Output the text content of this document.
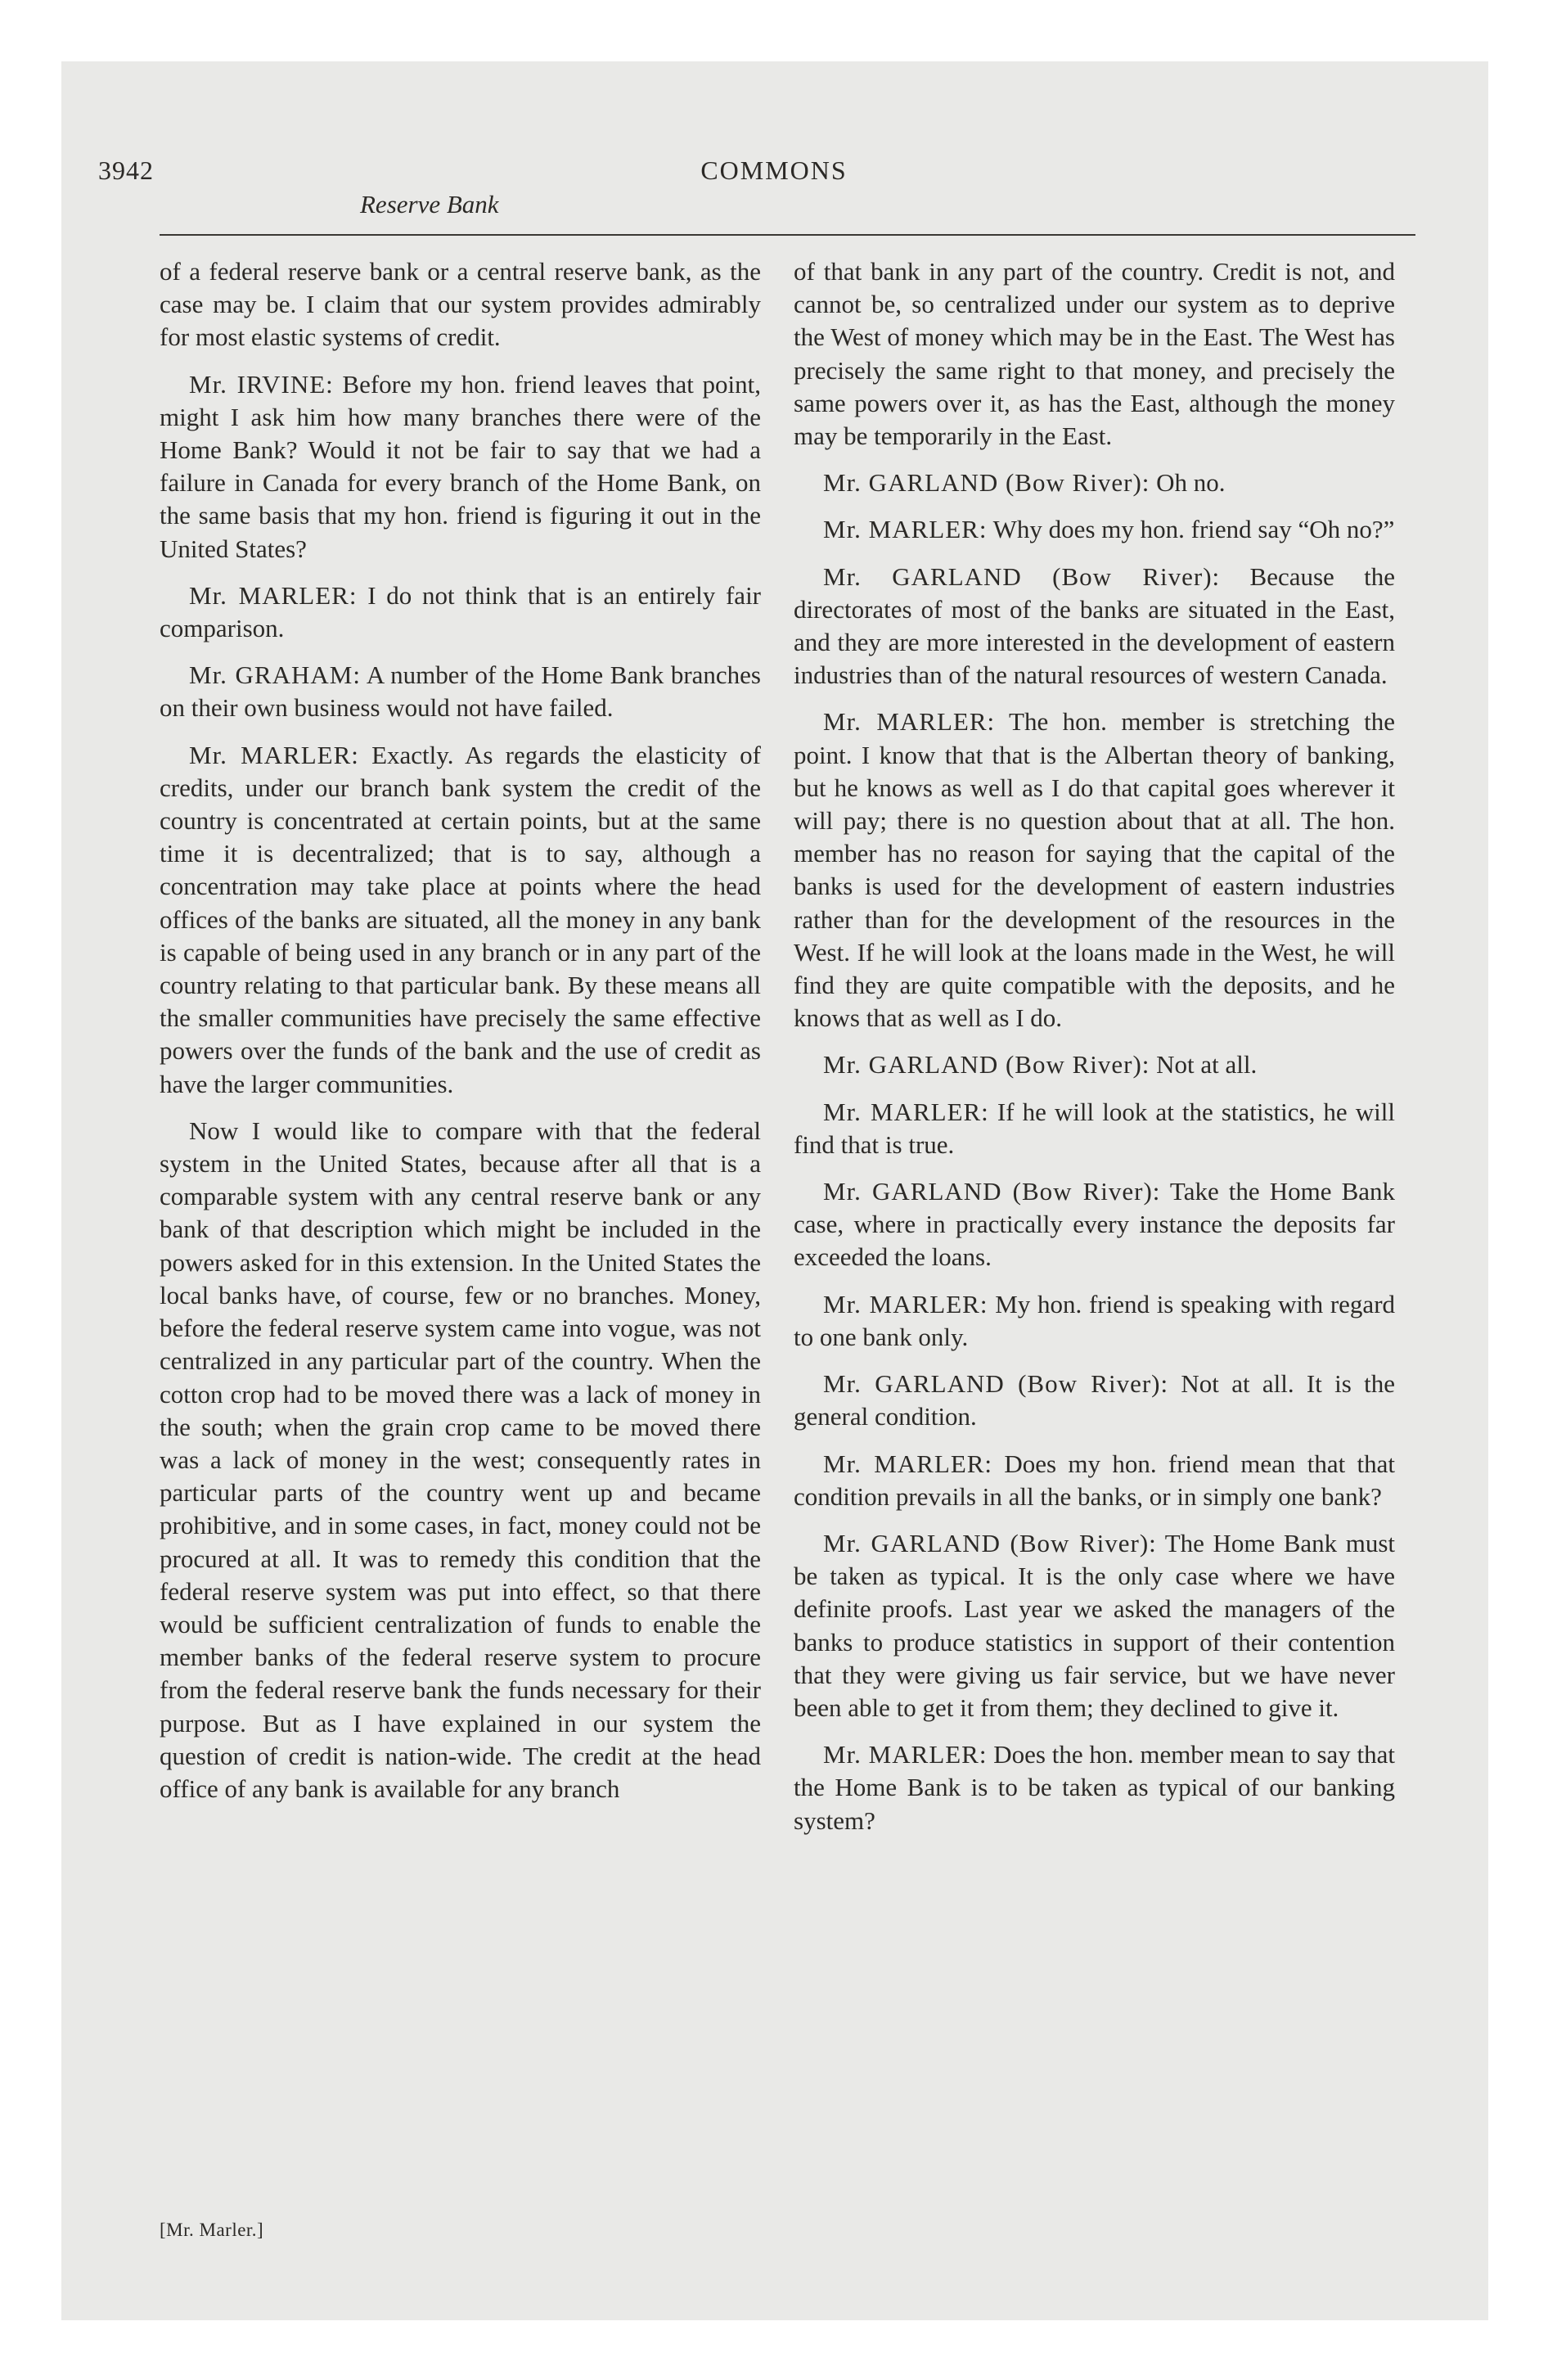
3942	COMMONS
Reserve Bank

of a federal reserve bank or a central reserve bank, as the case may be. I claim that our system provides admirably for most elastic systems of credit.

Mr. IRVINE: Before my hon. friend leaves that point, might I ask him how many branches there were of the Home Bank? Would it not be fair to say that we had a failure in Canada for every branch of the Home Bank, on the same basis that my hon. friend is figuring it out in the United States?

Mr. MARLER: I do not think that is an entirely fair comparison.

Mr. GRAHAM: A number of the Home Bank branches on their own business would not have failed.

Mr. MARLER: Exactly. As regards the elasticity of credits, under our branch bank system the credit of the country is concentrated at certain points, but at the same time it is decentralized; that is to say, although a concentration may take place at points where the head offices of the banks are situated, all the money in any bank is capable of being used in any branch or in any part of the country relating to that particular bank. By these means all the smaller communities have precisely the same effective powers over the funds of the bank and the use of credit as have the larger communities.

Now I would like to compare with that the federal system in the United States, because after all that is a comparable system with any central reserve bank or any bank of that description which might be included in the powers asked for in this extension. In the United States the local banks have, of course, few or no branches. Money, before the federal reserve system came into vogue, was not centralized in any particular part of the country. When the cotton crop had to be moved there was a lack of money in the south; when the grain crop came to be moved there was a lack of money in the west; consequently rates in particular parts of the country went up and became prohibitive, and in some cases, in fact, money could not be procured at all. It was to remedy this condition that the federal reserve system was put into effect, so that there would be sufficient centralization of funds to enable the member banks of the federal reserve system to procure from the federal reserve bank the funds necessary for their purpose. But as I have explained in our system the question of credit is nation-wide. The credit at the head office of any bank is available for any branch

of that bank in any part of the country. Credit is not, and cannot be, so centralized under our system as to deprive the West of money which may be in the East. The West has precisely the same right to that money, and precisely the same powers over it, as has the East, although the money may be temporarily in the East.

Mr. GARLAND (Bow River): Oh no.

Mr. MARLER: Why does my hon. friend say “Oh no?”

Mr. GARLAND (Bow River): Because the directorates of most of the banks are situated in the East, and they are more interested in the development of eastern industries than of the natural resources of western Canada.

Mr. MARLER: The hon. member is stretching the point. I know that that is the Albertan theory of banking, but he knows as well as I do that capital goes wherever it will pay; there is no question about that at all. The hon. member has no reason for saying that the capital of the banks is used for the development of eastern industries rather than for the development of the resources in the West. If he will look at the loans made in the West, he will find they are quite compatible with the deposits, and he knows that as well as I do.

Mr. GARLAND (Bow River): Not at all.

Mr. MARLER: If he will look at the statistics, he will find that is true.

Mr. GARLAND (Bow River): Take the Home Bank case, where in practically every instance the deposits far exceeded the loans.

Mr. MARLER: My hon. friend is speaking with regard to one bank only.

Mr. GARLAND (Bow River): Not at all. It is the general condition.

Mr. MARLER: Does my hon. friend mean that that condition prevails in all the banks, or in simply one bank?

Mr. GARLAND (Bow River): The Home Bank must be taken as typical. It is the only case where we have definite proofs. Last year we asked the managers of the banks to produce statistics in support of their contention that they were giving us fair service, but we have never been able to get it from them; they declined to give it.

Mr. MARLER: Does the hon. member mean to say that the Home Bank is to be taken as typical of our banking system?

[Mr. Marler.]
